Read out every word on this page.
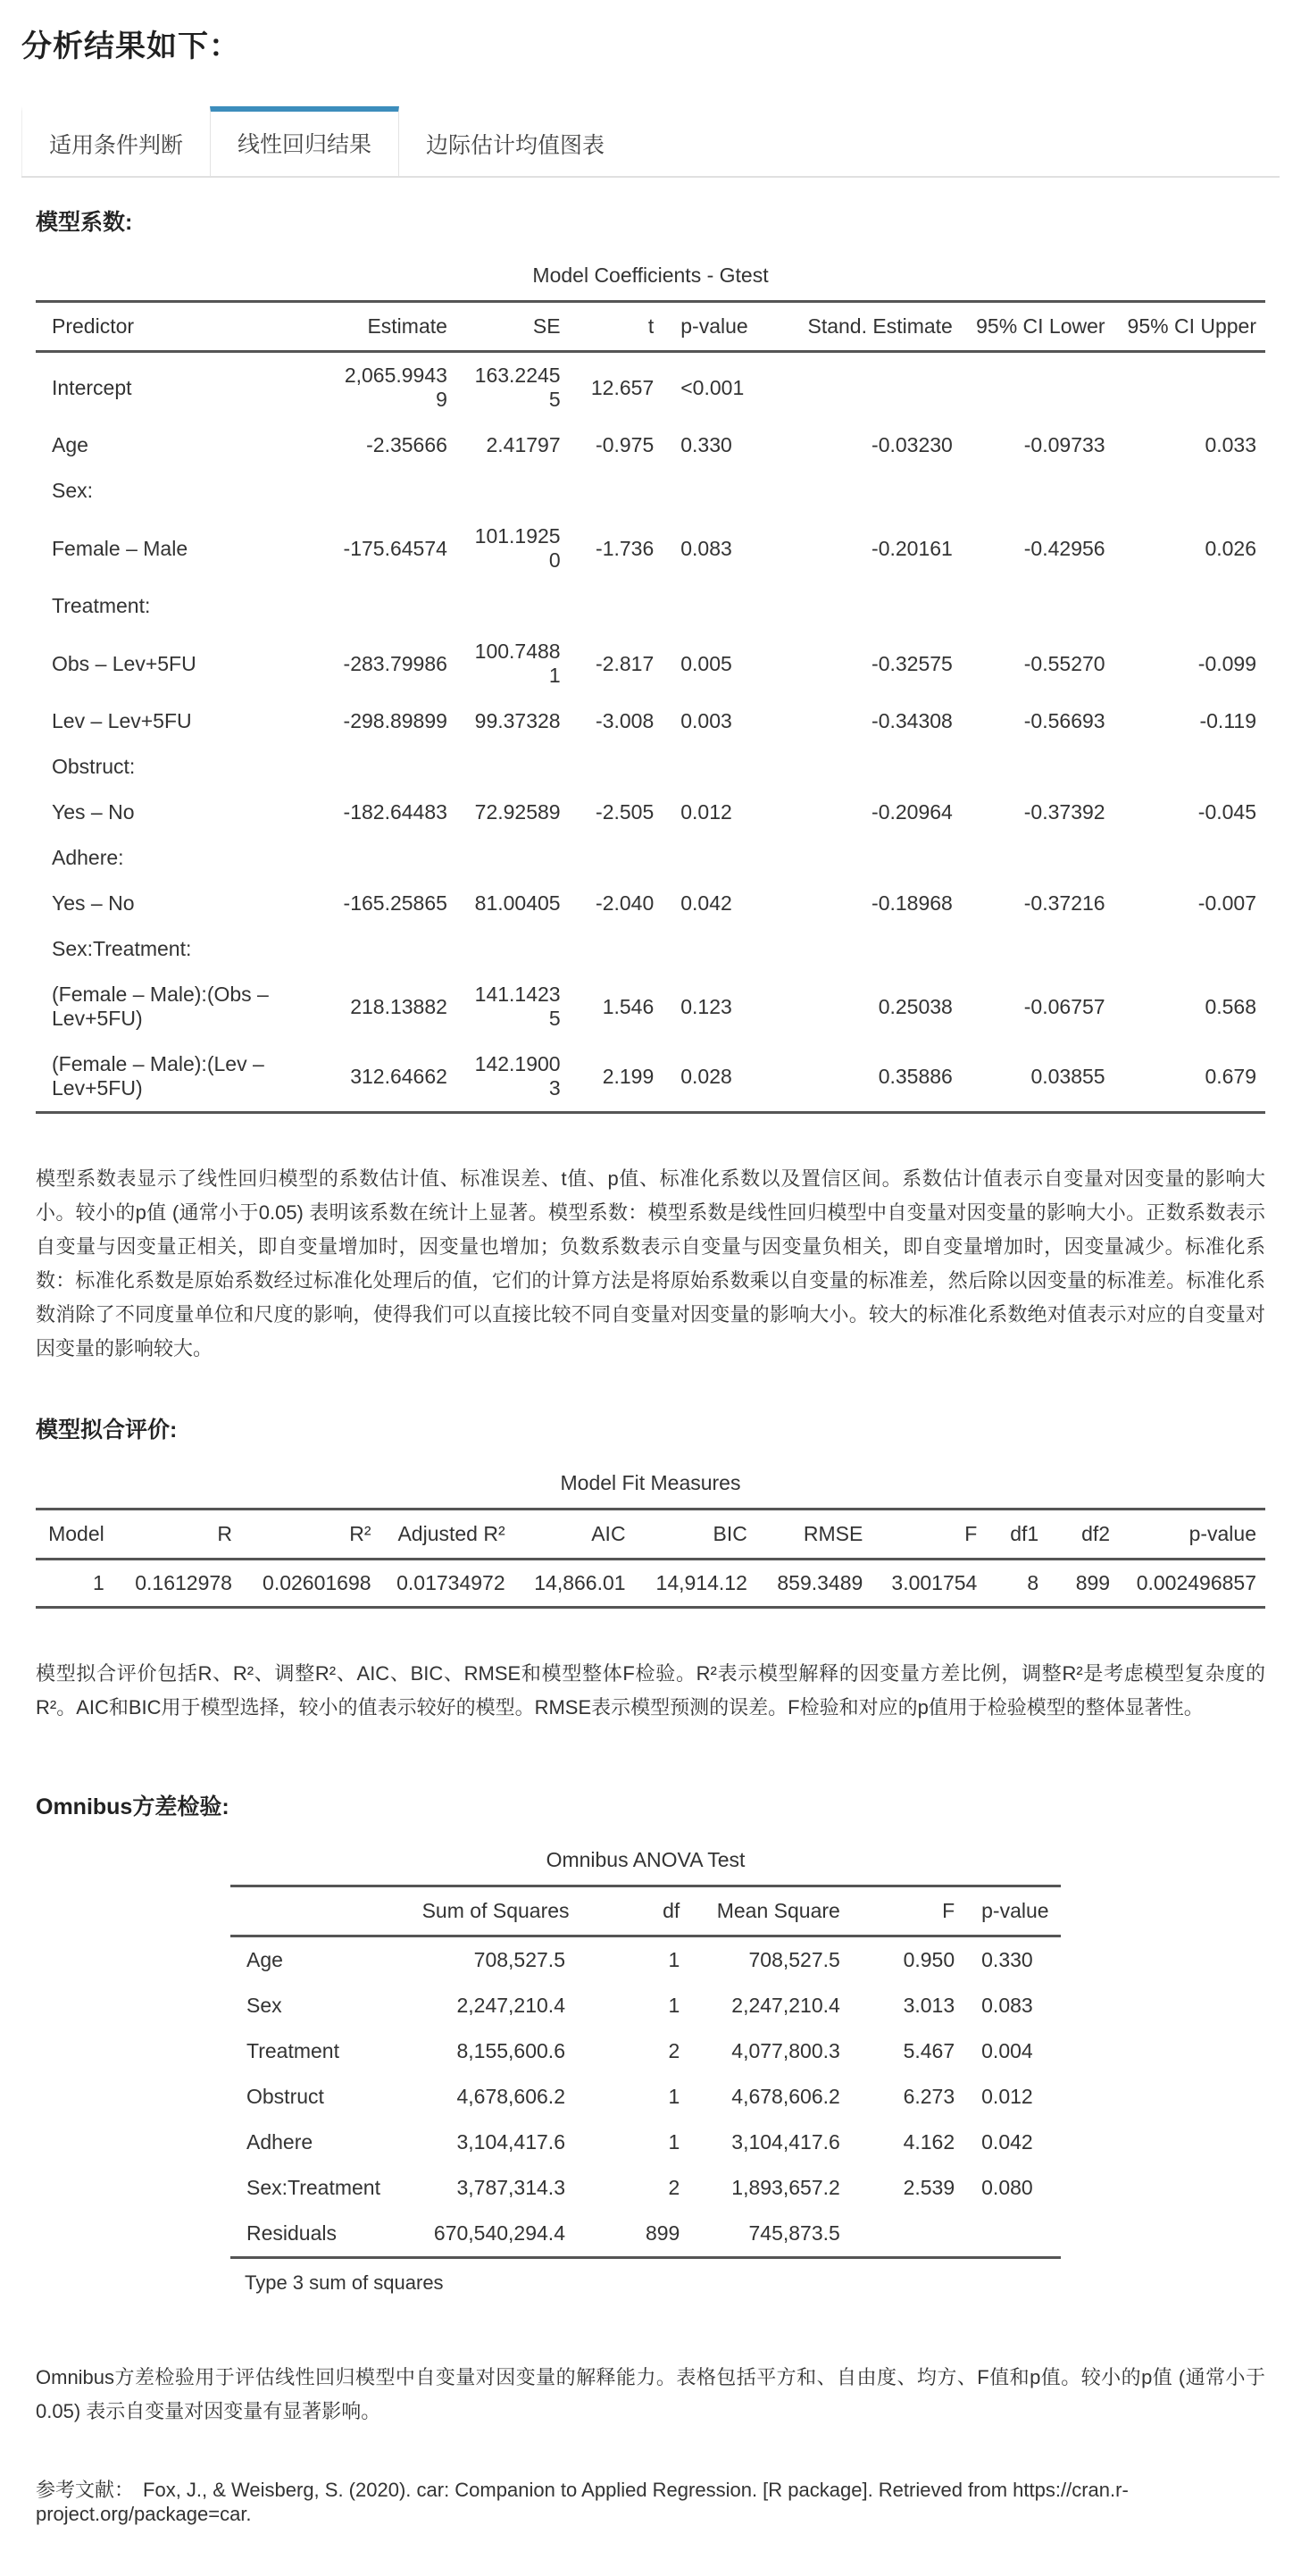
分析结果如下：
适用条件判断	线性回归结果	边际估计均值图表
模型系数:
Model Coefficients - Gtest
Predictor	Estimate	SE	t	p-value	Stand. Estimate	95% CI Lower	95% CI Upper
Intercept	2,065.99439	163.22455	12.657	<0.001			
Age	-2.35666	2.41797	-0.975	0.330	-0.03230	-0.09733	0.033
Sex:							
Female – Male	-175.64574	101.19250	-1.736	0.083	-0.20161	-0.42956	0.026
Treatment:							
Obs – Lev+5FU	-283.79986	100.74881	-2.817	0.005	-0.32575	-0.55270	-0.099
Lev – Lev+5FU	-298.89899	99.37328	-3.008	0.003	-0.34308	-0.56693	-0.119
Obstruct:							
Yes – No	-182.64483	72.92589	-2.505	0.012	-0.20964	-0.37392	-0.045
Adhere:							
Yes – No	-165.25865	81.00405	-2.040	0.042	-0.18968	-0.37216	-0.007
Sex:Treatment:							
(Female – Male):(Obs – Lev+5FU)	218.13882	141.14235	1.546	0.123	0.25038	-0.06757	0.568
(Female – Male):(Lev – Lev+5FU)	312.64662	142.19003	2.199	0.028	0.35886	0.03855	0.679

模型系数表显示了线性回归模型的系数估计值、标准误差、t值、p值、标准化系数以及置信区间。系数估计值表示自变量对因变量的影响大小。较小的p值 (通常小于0.05) 表明该系数在统计上显著。模型系数：模型系数是线性回归模型中自变量对因变量的影响大小。正数系数表示自变量与因变量正相关，即自变量增加时，因变量也增加；负数系数表示自变量与因变量负相关，即自变量增加时，因变量减少。标准化系数：标准化系数是原始系数经过标准化处理后的值，它们的计算方法是将原始系数乘以自变量的标准差，然后除以因变量的标准差。标准化系数消除了不同度量单位和尺度的影响，使得我们可以直接比较不同自变量对因变量的影响大小。较大的标准化系数绝对值表示对应的自变量对因变量的影响较大。

模型拟合评价:
Model Fit Measures
Model	R	R²	Adjusted R²	AIC	BIC	RMSE	F	df1	df2	p-value
1	0.1612978	0.02601698	0.01734972	14,866.01	14,914.12	859.3489	3.001754	8	899	0.002496857

模型拟合评价包括R、R²、调整R²、AIC、BIC、RMSE和模型整体F检验。R²表示模型解释的因变量方差比例，调整R²是考虑模型复杂度的R²。AIC和BIC用于模型选择，较小的值表示较好的模型。RMSE表示模型预测的误差。F检验和对应的p值用于检验模型的整体显著性。

Omnibus方差检验:
Omnibus ANOVA Test
	Sum of Squares	df	Mean Square	F	p-value
Age	708,527.5	1	708,527.5	0.950	0.330
Sex	2,247,210.4	1	2,247,210.4	3.013	0.083
Treatment	8,155,600.6	2	4,077,800.3	5.467	0.004
Obstruct	4,678,606.2	1	4,678,606.2	6.273	0.012
Adhere	3,104,417.6	1	3,104,417.6	4.162	0.042
Sex:Treatment	3,787,314.3	2	1,893,657.2	2.539	0.080
Residuals	670,540,294.4	899	745,873.5		
Type 3 sum of squares

Omnibus方差检验用于评估线性回归模型中自变量对因变量的解释能力。表格包括平方和、自由度、均方、F值和p值。较小的p值 (通常小于0.05) 表示自变量对因变量有显著影响。

参考文献： Fox, J., & Weisberg, S. (2020). car: Companion to Applied Regression. [R package]. Retrieved from https://cran.r-project.org/package=car.
